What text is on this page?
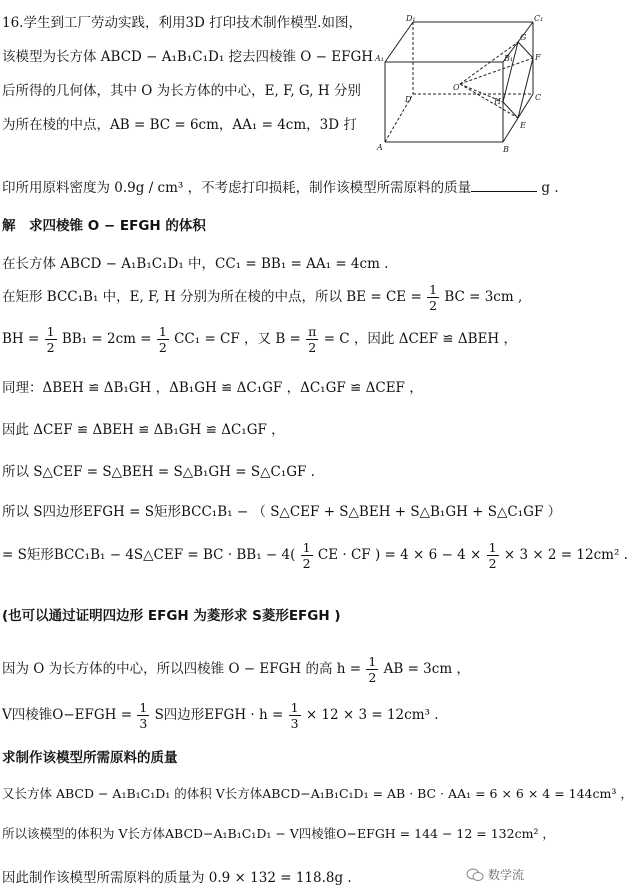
16.学生到工厂劳动实践，利用3D 打印技术制作模型.如图，
该模型为长方体 ABCD − A₁B₁C₁D₁ 挖去四棱锥 O − EFGH
后所得的几何体，其中 O 为长方体的中心，E, F, G, H 分别
为所在棱的中点，AB = BC = 6cm，AA₁ = 4cm，3D 打
印所用原料密度为 0.9g / cm³ ，不考虑打印损耗，制作该模型所需原料的质量	g .
D₁	C₁
A₁	B₁
O
F
G
H
D	C
A
E
B
解　求四棱锥 O − EFGH 的体积
在长方体 ABCD − A₁B₁C₁D₁ 中，CC₁ = BB₁ = AA₁ = 4cm .
在矩形 BCC₁B₁ 中，E, F, H 分别为所在棱的中点，所以 BE = CE = $\frac{1}{2}$ BC = 3cm ,
BH = $\frac{1}{2} BB_1 = 2cm = \frac{1}{2} CC_1$ = CF ，又 $B = \frac{\pi}{2} = C$ ，因此 ΔCEF ≌ ΔBEH ，
同理：ΔBEH ≌ ΔB₁GH ，ΔB₁GH ≌ ΔC₁GF ，ΔC₁GF ≌ ΔCEF ，
因此 ΔCEF ≌ ΔBEH ≌ ΔB₁GH ≌ ΔC₁GF ，
所以 S△CEF = S△BEH = S△B₁GH = S△C₁GF .
所以 S四边形EFGH = S矩形BCC₁B₁ − （ S△CEF + S△BEH + S△B₁GH + S△C₁GF ）
= S矩形BCC₁B₁ − 4S△CEF = BC · $BB_1 - 4( \frac{1}{2}$ CE · CF ) = $4 \times 6 - 4 \times \frac{1}{2} \times 3 \times 2 = 12cm^2$ .
(也可以通过证明四边形 EFGH 为菱形求 S菱形EFGH )
因为 O 为长方体的中心，所以四棱锥 O − EFGH 的高 $h = \frac{1}{2}$ AB = 3cm ，
V四棱锥O−EFGH = $\frac{1}{3}$ S四边形EFGH · $h = \frac{1}{3} \times 12 \times 3 = 12cm^3$ .
求制作该模型所需原料的质量
又长方体 ABCD − A₁B₁C₁D₁ 的体积 V长方体ABCD−A₁B₁C₁D₁ = AB · BC · AA₁ = 6 × 6 × 4 = 144cm³ ，
所以该模型的体积为 V长方体ABCD−A₁B₁C₁D₁ − V四棱锥O−EFGH = 144 − 12 = 132cm² ，
因此制作该模型所需原料的质量为 0.9 × 132 = 118.8g .	数学流
